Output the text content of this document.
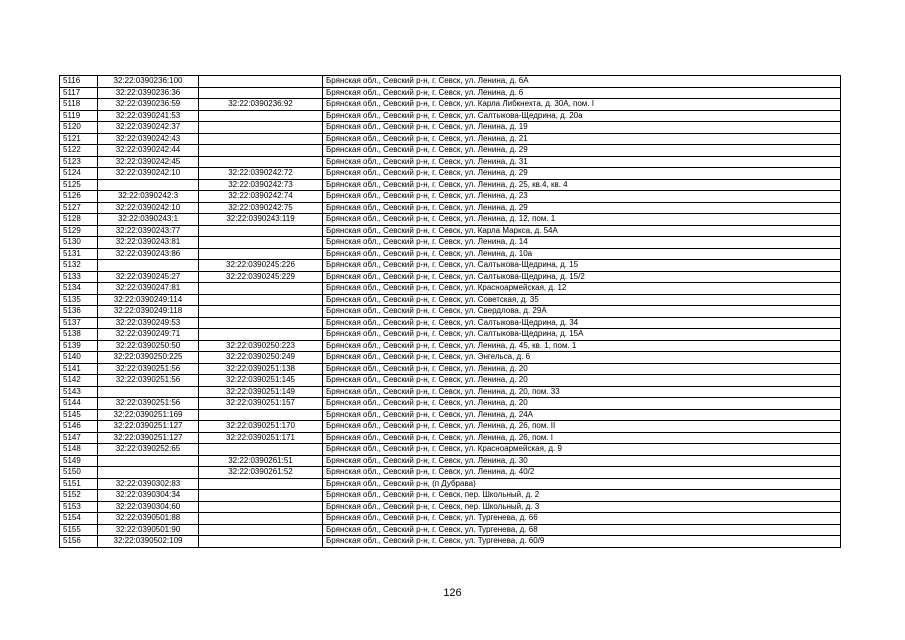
5116	32:22:0390236:100		Брянская обл., Севский р-н, г. Севск, ул. Ленина, д. 6А
5117	32:22:0390236:36		Брянская обл., Севский р-н, г. Севск, ул. Ленина, д. 6
5118	32:22:0390236:59	32:22:0390236:92	Брянская обл., Севский р-н, г. Севск, ул. Карла Либкнехта, д. 30А, пом. I
5119	32:22:0390241:53		Брянская обл., Севский р-н, г. Севск, ул. Салтыкова-Щедрина, д. 20а
5120	32:22:0390242:37		Брянская обл., Севский р-н, г. Севск, ул. Ленина, д. 19
5121	32:22:0390242:43		Брянская обл., Севский р-н, г. Севск, ул. Ленина, д. 21
5122	32:22:0390242:44		Брянская обл., Севский р-н, г. Севск, ул. Ленина, д. 29
5123	32:22:0390242:45		Брянская обл., Севский р-н, г. Севск, ул. Ленина, д. 31
5124	32:22:0390242:10	32:22:0390242:72	Брянская обл., Севский р-н, г. Севск, ул. Ленина, д. 29
5125		32:22:0390242:73	Брянская обл., Севский р-н, г. Севск, ул. Ленина, д. 25, кв.4, кв. 4
5126	32:22:0390242:3	32:22:0390242:74	Брянская обл., Севский р-н, г. Севск, ул. Ленина, д. 23
5127	32:22:0390242:10	32:22:0390242:75	Брянская обл., Севский р-н, г. Севск, ул. Ленина, д. 29
5128	32:22:0390243:1	32:22:0390243:119	Брянская обл., Севский р-н, г. Севск, ул. Ленина, д. 12, пом. 1
5129	32:22:0390243:77		Брянская обл., Севский р-н, г. Севск, ул. Карла Маркса, д. 54А
5130	32:22:0390243:81		Брянская обл., Севский р-н, г. Севск, ул. Ленина, д. 14
5131	32:22:0390243:86		Брянская обл., Севский р-н, г. Севск, ул. Ленина, д. 10а
5132		32:22:0390245:226	Брянская обл., Севский р-н, г. Севск, ул. Салтыкова-Щедрина, д. 15
5133	32:22:0390245:27	32:22:0390245:229	Брянская обл., Севский р-н, г. Севск, ул. Салтыкова-Щедрина, д. 15/2
5134	32:22:0390247:81		Брянская обл., Севский р-н, г. Севск, ул. Красноармейская, д. 12
5135	32:22:0390249:114		Брянская обл., Севский р-н, г. Севск, ул. Советская, д. 35
5136	32:22:0390249:118		Брянская обл., Севский р-н, г. Севск, ул. Свердлова, д. 29А
5137	32:22:0390249:53		Брянская обл., Севский р-н, г. Севск, ул. Салтыкова-Щедрина, д. 34
5138	32:22:0390249:71		Брянская обл., Севский р-н, г. Севск, ул. Салтыкова-Щедрина, д. 15А
5139	32:22:0390250:50	32:22:0390250:223	Брянская обл., Севский р-н, г. Севск, ул. Ленина, д. 45, кв. 1, пом. 1
5140	32:22:0390250:225	32:22:0390250:249	Брянская обл., Севский р-н, г. Севск, ул. Энгельса, д. 6
5141	32:22:0390251:56	32:22:0390251:138	Брянская обл., Севский р-н, г. Севск, ул. Ленина, д. 20
5142	32:22:0390251:56	32:22:0390251:145	Брянская обл., Севский р-н, г. Севск, ул. Ленина, д. 20
5143		32:22:0390251:149	Брянская обл., Севский р-н, г. Севск, ул. Ленина, д. 20, пом. 33
5144	32:22:0390251:56	32:22:0390251:157	Брянская обл., Севский р-н, г. Севск, ул. Ленина, д. 20
5145	32:22:0390251:169		Брянская обл., Севский р-н, г. Севск, ул. Ленина, д. 24А
5146	32:22:0390251:127	32:22:0390251:170	Брянская обл., Севский р-н, г. Севск, ул. Ленина, д. 26, пом. II
5147	32:22:0390251:127	32:22:0390251:171	Брянская обл., Севский р-н, г. Севск, ул. Ленина, д. 26, пом. I
5148	32:22:0390252:65		Брянская обл., Севский р-н, г. Севск, ул. Красноармейская, д. 9
5149		32:22:0390261:51	Брянская обл., Севский р-н, г. Севск, ул. Ленина, д. 30
5150		32:22:0390261:52	Брянская обл., Севский р-н, г. Севск, ул. Ленина, д. 40/2
5151	32:22:0390302:83		Брянская обл., Севский р-н, (п Дубрава)
5152	32:22:0390304:34		Брянская обл., Севский р-н, г. Севск, пер. Школьный, д. 2
5153	32:22:0390304:60		Брянская обл., Севский р-н, г. Севск, пер. Школьный, д. 3
5154	32:22:0390501:88		Брянская обл., Севский р-н, г. Севск, ул. Тургенева, д. 66
5155	32:22:0390501:90		Брянская обл., Севский р-н, г. Севск, ул. Тургенева, д. 68
5156	32:22:0390502:109		Брянская обл., Севский р-н, г. Севск, ул. Тургенева, д. 60/9
126
